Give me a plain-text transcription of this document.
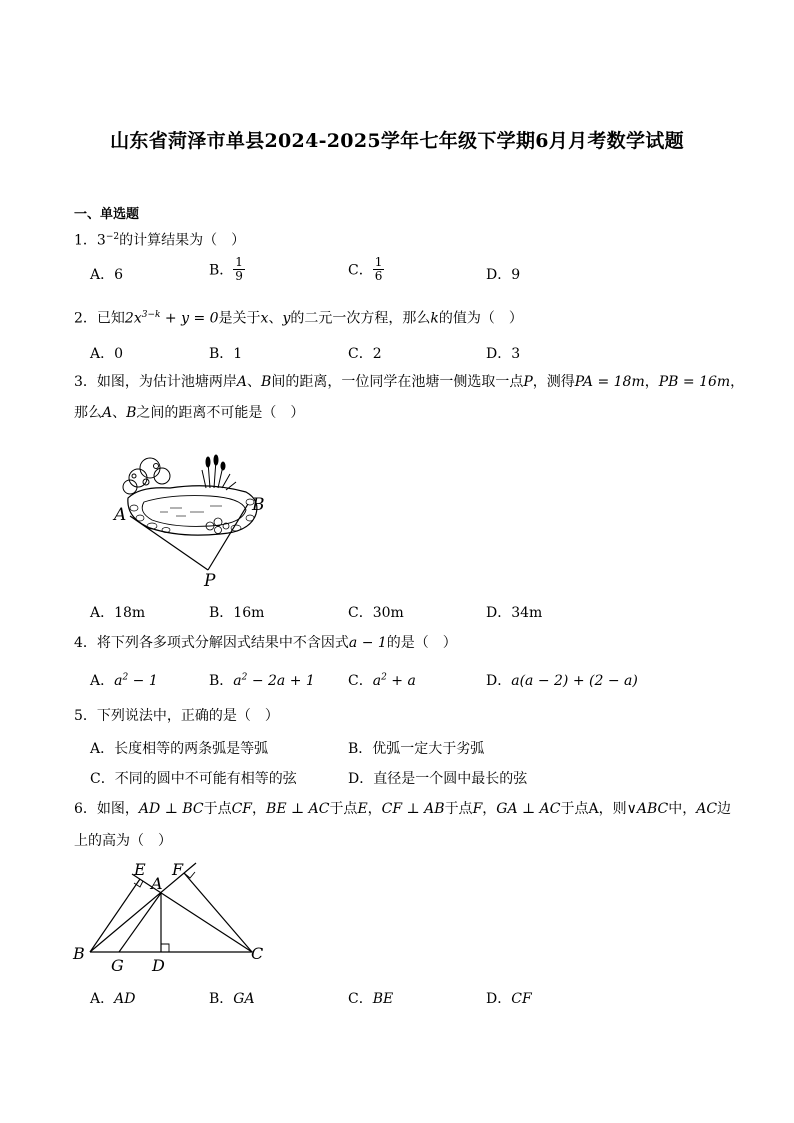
山东省菏泽市单县2024-2025学年七年级下学期6月月考数学试题
一、单选题
1．$3^{-2}$的计算结果为（　）
A．6	B． $\frac{1}{9}$	C． $\frac{1}{6}$	D．9
2．已知$2x^{3-k} + y = 0$是关于x、y的二元一次方程，那么k的值为（　）
A．0	B．1	C．2	D．3
3．如图，为估计池塘两岸A、B间的距离，一位同学在池塘一侧选取一点P，测得PA = 18m，PB = 16m，
那么A、B之间的距离不可能是（　）
A	B
P
A．18m	B．16m	C．30m	D．34m
4．将下列各多项式分解因式结果中不含因式a − 1的是（　）
A．$a^2 - 1$	B．$a^2 - 2a + 1$ C．$a^2 + a$	D．a(a − 2) + (2 − a)
5．下列说法中，正确的是（　）
A．长度相等的两条弧是等弧	B．优弧一定大于劣弧
C．不同的圆中不可能有相等的弦	D．直径是一个圆中最长的弦
6．如图，AD ⊥ BC于点CF，BE ⊥ AC于点E，CF ⊥ AB于点F，GA ⊥ AC于点A，则∨ABC中，AC边
上的高为（　）
E F
A
B
G D
C
A．AD	B．GA	C．BE	D．CF
